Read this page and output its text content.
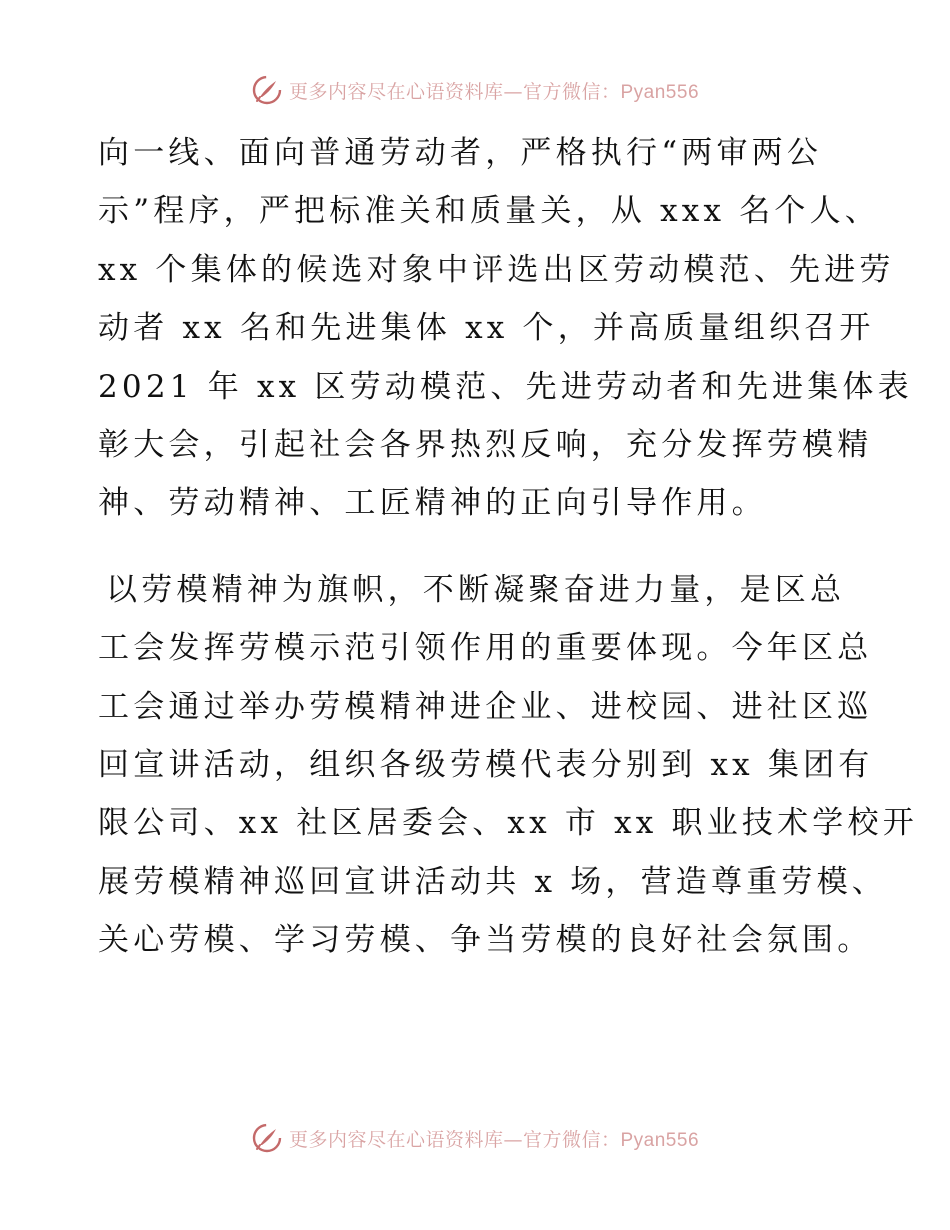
更多内容尽在心语资料库—官方微信：Pyan556
向一线、面向普通劳动者，严格执行“两审两公
示”程序，严把标准关和质量关，从 xxx 名个人、
xx 个集体的候选对象中评选出区劳动模范、先进劳
动者 xx 名和先进集体 xx 个，并高质量组织召开
2021 年 xx 区劳动模范、先进劳动者和先进集体表
彰大会，引起社会各界热烈反响，充分发挥劳模精
神、劳动精神、工匠精神的正向引导作用。
以劳模精神为旗帜，不断凝聚奋进力量，是区总
工会发挥劳模示范引领作用的重要体现。今年区总
工会通过举办劳模精神进企业、进校园、进社区巡
回宣讲活动，组织各级劳模代表分别到 xx 集团有
限公司、xx 社区居委会、xx 市 xx 职业技术学校开
展劳模精神巡回宣讲活动共 x 场，营造尊重劳模、
关心劳模、学习劳模、争当劳模的良好社会氛围。
更多内容尽在心语资料库—官方微信：Pyan556
